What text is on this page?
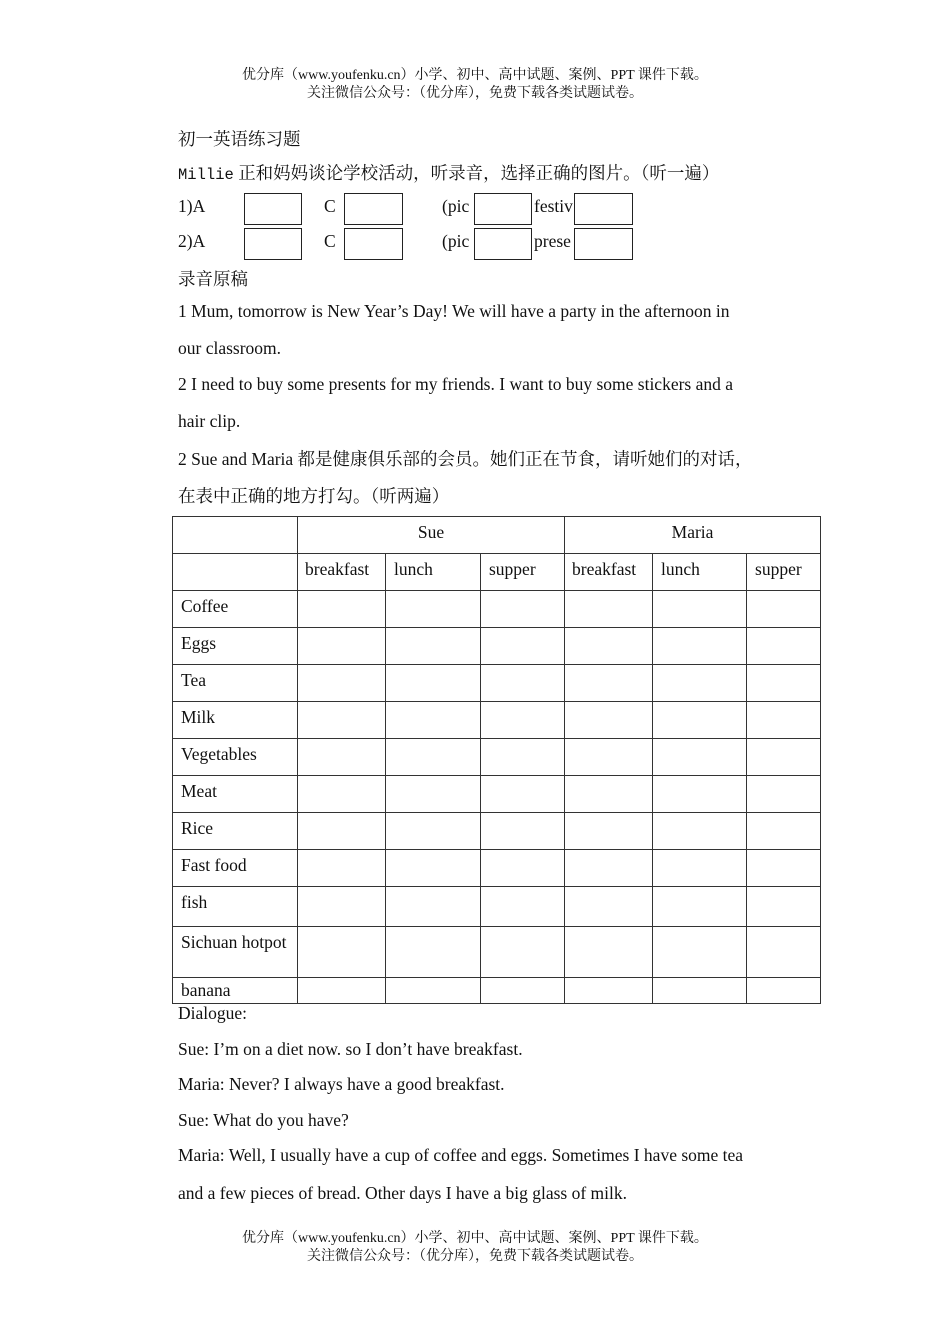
优分库（www.youfenku.cn）小学、初中、高中试题、案例、PPT 课件下载。
关注微信公众号：（优分库），免费下载各类试题试卷。
初一英语练习题
Millie 正和妈妈谈论学校活动，听录音，选择正确的图片。（听一遍）
1)A	C	(pic	festiv
2)A	C	(pic	prese
录音原稿
1 Mum, tomorrow is New Year’s Day! We will have a party in the afternoon in
our classroom.
2 I need to buy some presents for my friends. I want to buy some stickers and a
hair clip.
2 Sue and Maria 都是健康俱乐部的会员。她们正在节食，请听她们的对话，
在表中正确的地方打勾。（听两遍）
	Sue			Maria		
	breakfast	lunch	supper	breakfast	lunch	supper
Coffee						
Eggs						
Tea						
Milk						
Vegetables						
Meat						
Rice						
Fast food						
fish						
Sichuan hotpot						
banana						
Dialogue:
Sue: I’m on a diet now. so I don’t have breakfast.
Maria: Never? I always have a good breakfast.
Sue: What do you have?
Maria: Well, I usually have a cup of coffee and eggs. Sometimes I have some tea
and a few pieces of bread. Other days I have a big glass of milk.
优分库（www.youfenku.cn）小学、初中、高中试题、案例、PPT 课件下载。
关注微信公众号：（优分库），免费下载各类试题试卷。
